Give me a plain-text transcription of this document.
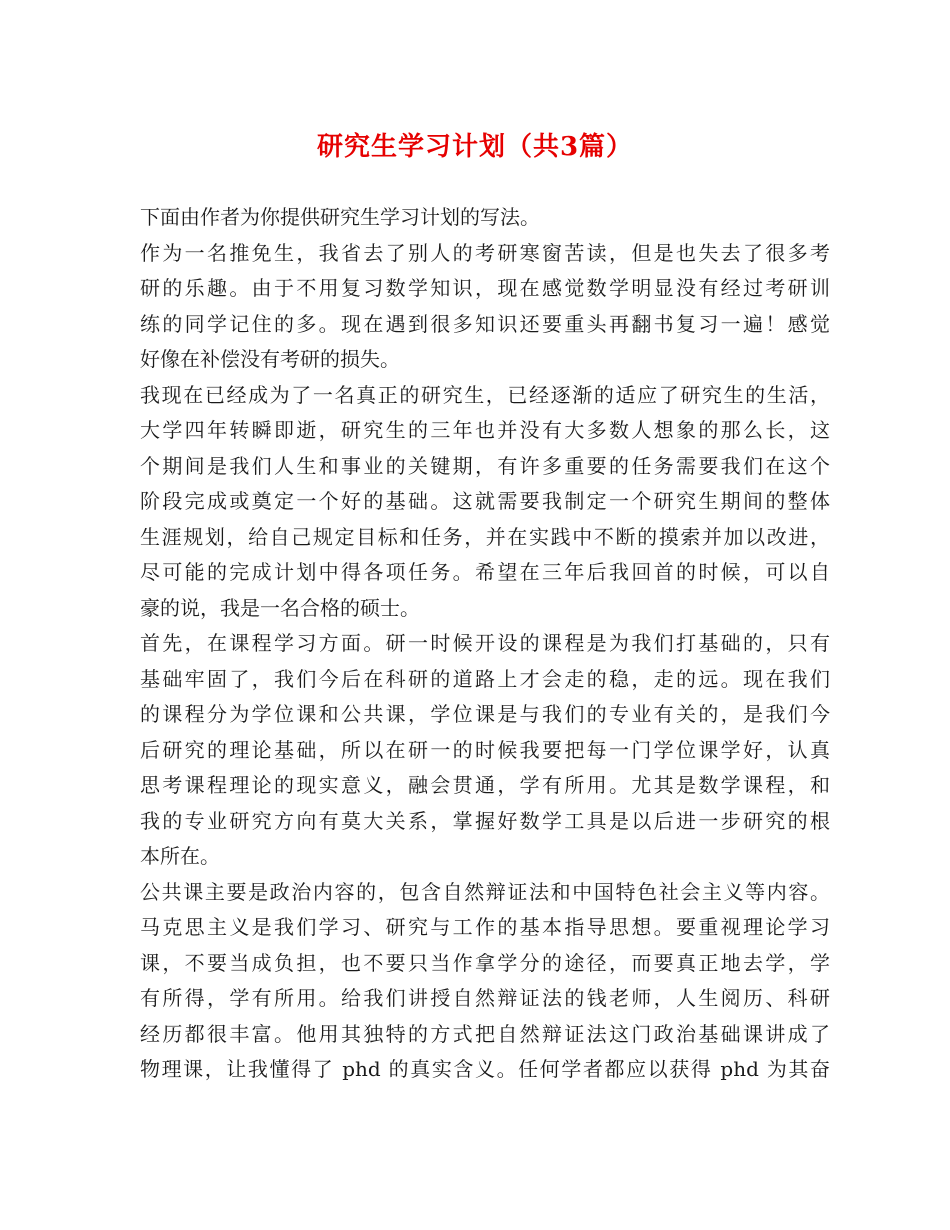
研究生学习计划（共3篇）
下面由作者为你提供研究生学习计划的写法。
作为一名推免生，我省去了别人的考研寒窗苦读，但是也失去了很多考
研的乐趣。由于不用复习数学知识，现在感觉数学明显没有经过考研训
练的同学记住的多。现在遇到很多知识还要重头再翻书复习一遍！感觉
好像在补偿没有考研的损失。
我现在已经成为了一名真正的研究生，已经逐渐的适应了研究生的生活，
大学四年转瞬即逝，研究生的三年也并没有大多数人想象的那么长，这
个期间是我们人生和事业的关键期，有许多重要的任务需要我们在这个
阶段完成或奠定一个好的基础。这就需要我制定一个研究生期间的整体
生涯规划，给自己规定目标和任务，并在实践中不断的摸索并加以改进，
尽可能的完成计划中得各项任务。希望在三年后我回首的时候，可以自
豪的说，我是一名合格的硕士。
首先，在课程学习方面。研一时候开设的课程是为我们打基础的，只有
基础牢固了，我们今后在科研的道路上才会走的稳，走的远。现在我们
的课程分为学位课和公共课，学位课是与我们的专业有关的，是我们今
后研究的理论基础，所以在研一的时候我要把每一门学位课学好，认真
思考课程理论的现实意义，融会贯通，学有所用。尤其是数学课程，和
我的专业研究方向有莫大关系，掌握好数学工具是以后进一步研究的根
本所在。
公共课主要是政治内容的，包含自然辩证法和中国特色社会主义等内容。
马克思主义是我们学习、研究与工作的基本指导思想。要重视理论学习
课，不要当成负担，也不要只当作拿学分的途径，而要真正地去学，学
有所得，学有所用。给我们讲授自然辩证法的钱老师，人生阅历、科研
经历都很丰富。他用其独特的方式把自然辩证法这门政治基础课讲成了
物理课，让我懂得了 phd 的真实含义。任何学者都应以获得 phd 为其奋
